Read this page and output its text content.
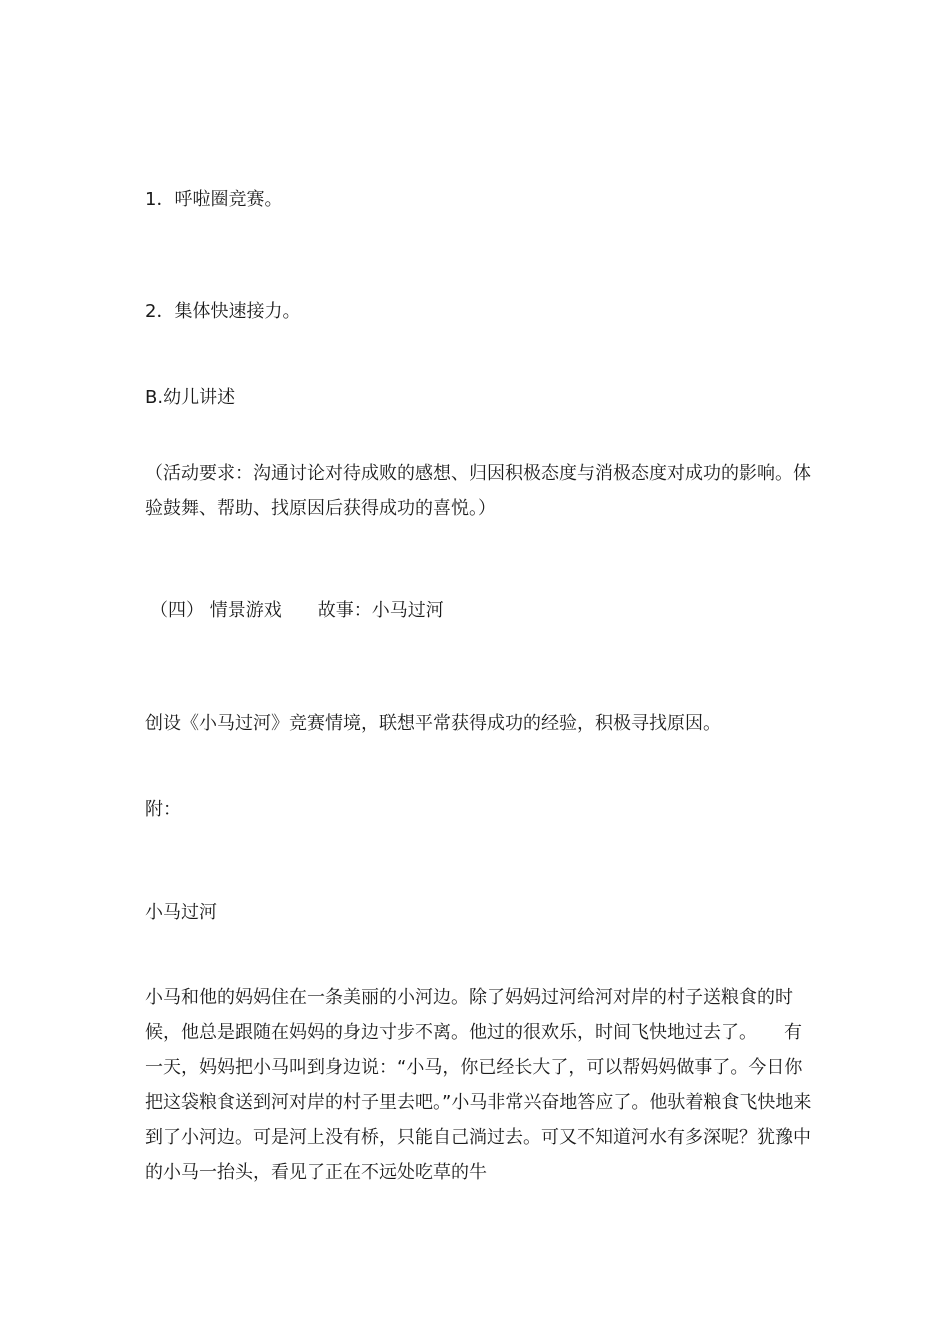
1．呼啦圈竞赛。
2．集体快速接力。
B.幼儿讲述
（活动要求：沟通讨论对待成败的感想、归因积极态度与消极态度对成功的影响。体验鼓舞、帮助、找原因后获得成功的喜悦。）
（四） 情景游戏　　故事：小马过河
创设《小马过河》竞赛情境，联想平常获得成功的经验，积极寻找原因。
附：
小马过河
小马和他的妈妈住在一条美丽的小河边。除了妈妈过河给河对岸的村子送粮食的时候，他总是跟随在妈妈的身边寸步不离。他过的很欢乐，时间飞快地过去了。　　有一天，妈妈把小马叫到身边说：“小马，你已经长大了，可以帮妈妈做事了。今日你把这袋粮食送到河对岸的村子里去吧。”小马非常兴奋地答应了。他驮着粮食飞快地来到了小河边。可是河上没有桥，只能自己淌过去。可又不知道河水有多深呢？犹豫中的小马一抬头，看见了正在不远处吃草的牛
